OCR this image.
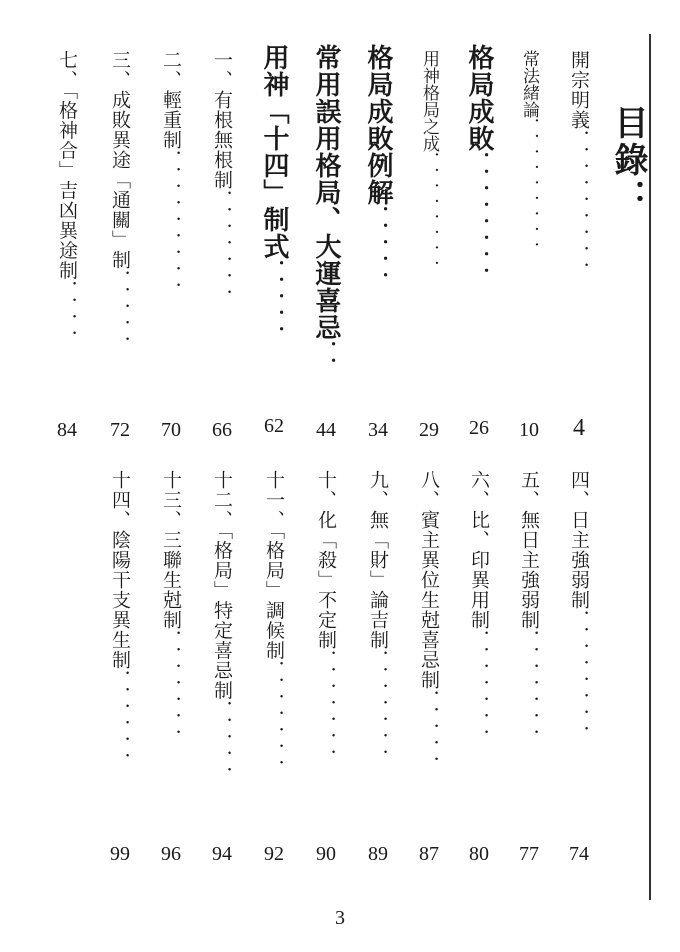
目錄：
開宗明義．．．．．．．．．
4
常法緒論．．．．．．．．．
10
格局成敗．．．．．．．．
26
用神格局之成．．．．．．．．
29
格局成敗例解．．．．．
34
常用誤用格局、大運喜忌．．
44
用神「十四」制式．．．．．
62
一、有根無根制．．．．．．．
66
二、輕重制．．．．．．．．．
70
三、成敗異途「通關」制．．．．．
72
七、「格神合」吉凶異途制．．．．
84
四、日主強弱制．．．．．．．．
74
五、無日主強弱制．．．．．．．
77
六、比、印異用制．．．．．．．
80
八、賓主異位生尅喜忌制．．．．．
87
九、無「財」論吉制．．．．．．．
89
十、化「殺」不定制．．．．．．．
90
十一、「格局」調候制．．．．．．．
92
十二、「格局」特定喜忌制．．．．．
94
十三、三聯生尅制．．．．．．．
96
十四、陰陽干支異生制．．．．．．
99
3
